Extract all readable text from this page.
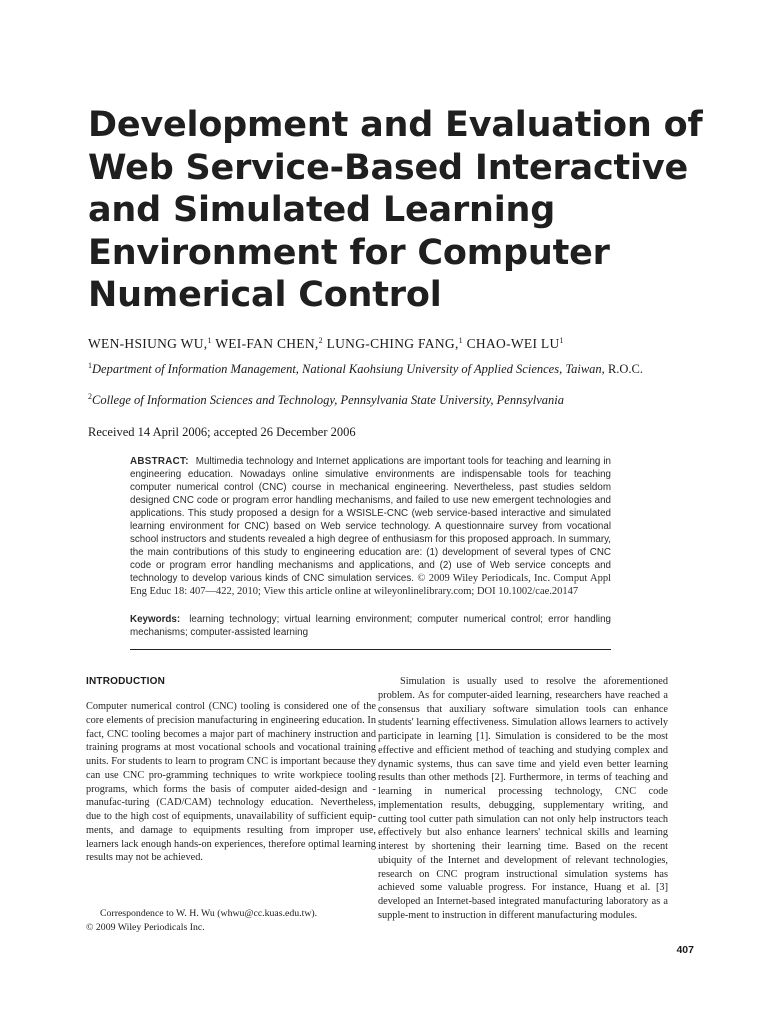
Development and Evaluation of
Web Service-Based Interactive
and Simulated Learning
Environment for Computer
Numerical Control
WEN-HSIUNG WU,$^1$ WEI-FAN CHEN,$^2$ LUNG-CHING FANG,$^1$ CHAO-WEI $LU^1$
$^1$Department of Information Management, National Kaohsiung University of Applied Sciences, Taiwan, R.O.C.
$^2$College of Information Sciences and Technology, Pennsylvania State University, Pennsylvania
Received 14 April 2006; accepted 26 December 2006
ABSTRACT: Multimedia technology and Internet applications are important tools for teaching and learning in engineering education. Nowadays online simulative environments are indispensable tools for teaching computer numerical control (CNC) course in mechanical engineering. Nevertheless, past studies seldom designed CNC code or program error handling mechanisms, and failed to use new emergent technologies and applications. This study proposed a design for a WSISLE-CNC (web service-based interactive and simulated learning environment for CNC) based on Web service technology. A questionnaire survey from vocational school instructors and students revealed a high degree of enthusiasm for this proposed approach. In summary, the main contributions of this study to engineering education are: (1) development of several types of CNC code or program error handling mechanisms and applications, and (2) use of Web service concepts and technology to develop various kinds of CNC simulation services. © 2009 Wiley Periodicals, Inc. Comput Appl Eng Educ 18: 407—422, 2010; View this article online at wileyonlinelibrary.com; DOI 10.1002/cae.20147
Keywords: learning technology; virtual learning environment; computer numerical control; error handling mechanisms; computer-assisted learning
INTRODUCTION

Computer numerical control (CNC) tooling is considered one of the core elements of precision manufacturing in engineering education. In fact, CNC tooling becomes a major part of machinery instruction and training programs at most vocational schools and vocational training units. For students to learn to program CNC is important because they can use CNC pro-gramming techniques to write workpiece tooling programs, which forms the basis of computer aided-design and -manufac-turing (CAD/CAM) technology education. Nevertheless, due to the high cost of equipments, unavailability of sufficient equip-ments, and damage to equipments resulting from improper use, learners lack enough hands-on experiences, therefore optimal learning results may not be achieved.

Simulation is usually used to resolve the aforementioned problem. As for computer-aided learning, researchers have reached a consensus that auxiliary software simulation tools can enhance students' learning effectiveness. Simulation allows learners to actively participate in learning [1]. Simulation is considered to be the most effective and efficient method of teaching and studying complex and dynamic systems, thus can save time and yield even better learning results than other methods [2]. Furthermore, in terms of teaching and learning in numerical processing technology, CNC code implementation results, debugging, supplementary writing, and cutting tool cutter path simulation can not only help instructors teach effectively but also enhance learners' technical skills and learning interest by shortening their learning time. Based on the recent ubiquity of the Internet and development of relevant technologies, research on CNC program instructional simulation systems has achieved some valuable progress. For instance, Huang et al. [3] developed an Internet-based integrated manufacturing laboratory as a supple-ment to instruction in different manufacturing modules.

Correspondence to W. H. Wu (whwu@cc.kuas.edu.tw).
© 2009 Wiley Periodicals Inc.
407
